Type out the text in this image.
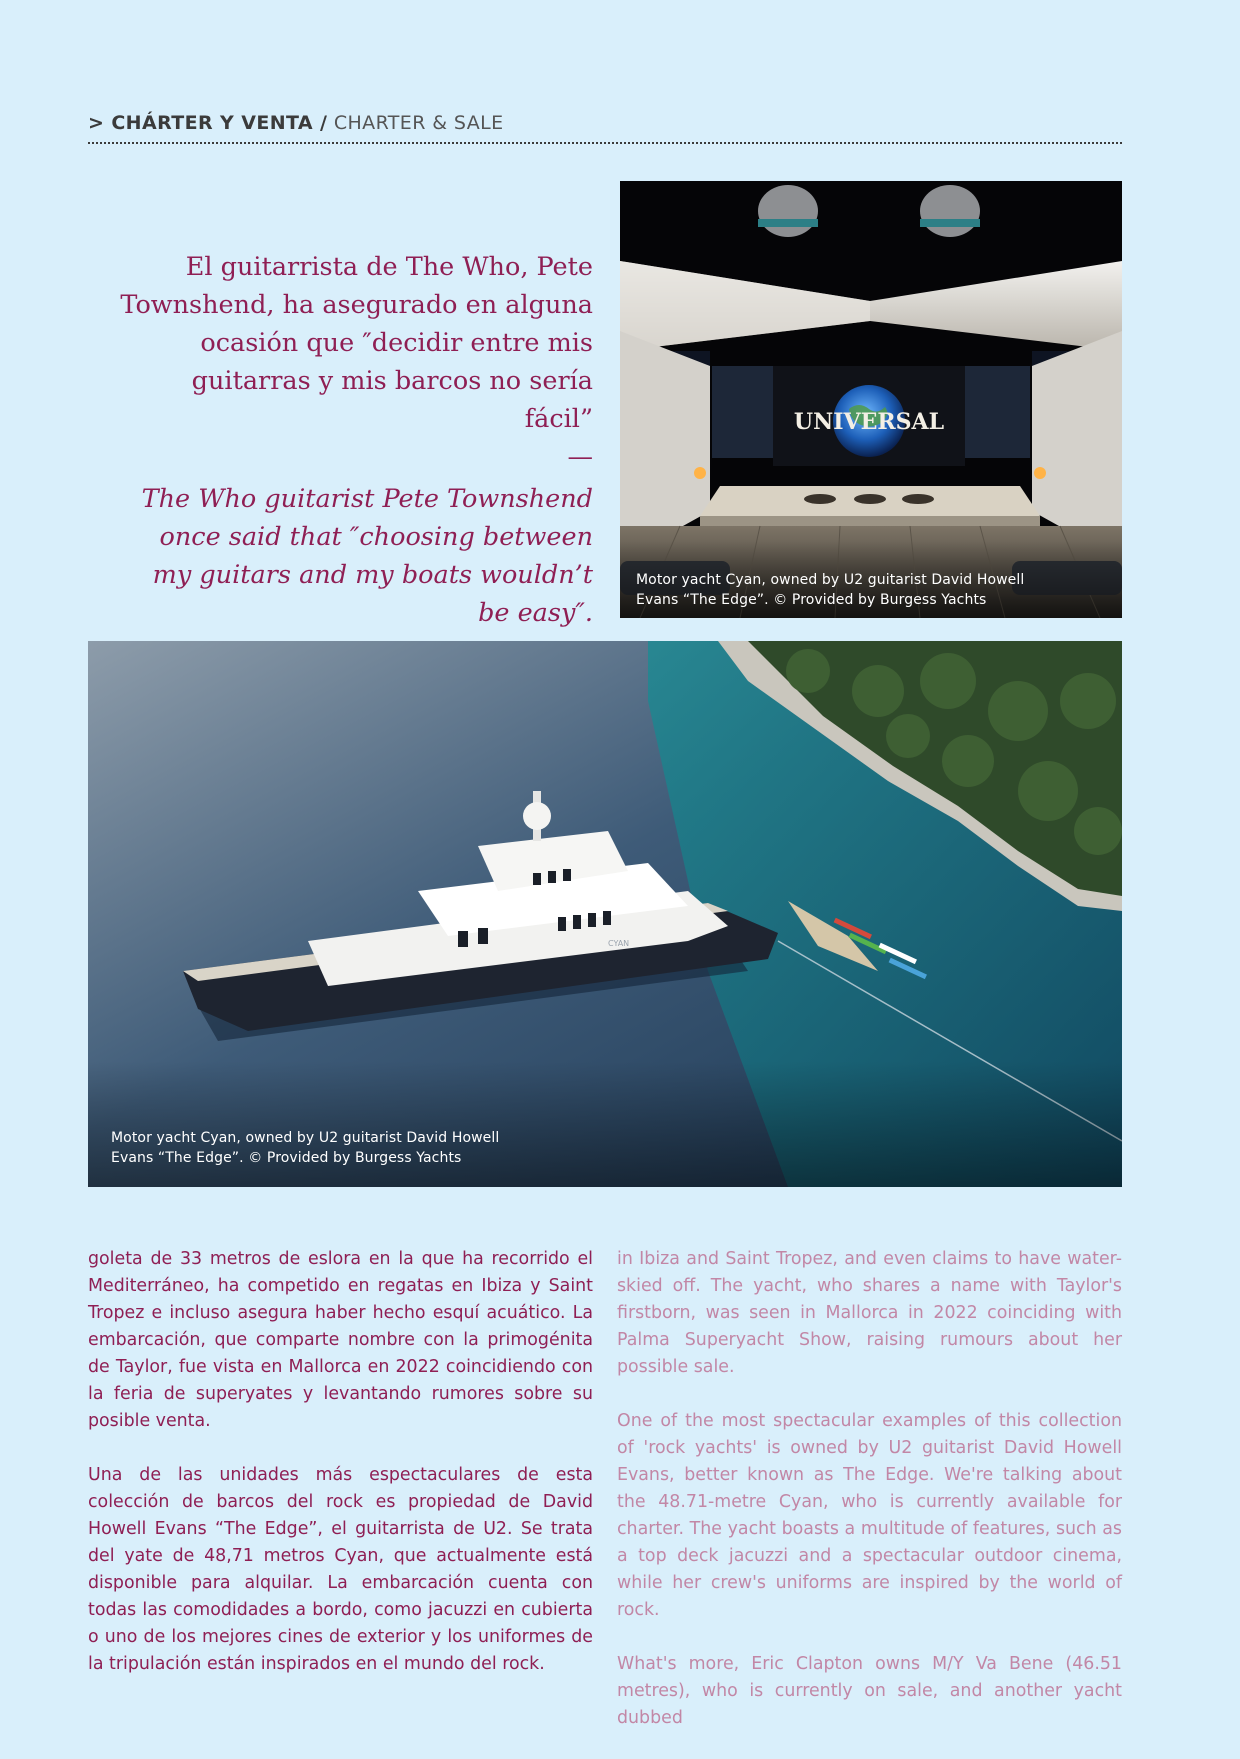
> CHÁRTER Y VENTA / CHARTER & SALE

El guitarrista de The Who, Pete Townshend, ha asegurado en alguna ocasión que ″decidir entre mis guitarras y mis barcos no sería fácil”

—

The Who guitarist Pete Townshend once said that ″choosing between my guitars and my boats wouldn’t be easy″.

UNIVERSAL
Motor yacht Cyan, owned by U2 guitarist David Howell Evans “The Edge”. © Provided by Burgess Yachts
CYAN
Motor yacht Cyan, owned by U2 guitarist David Howell Evans “The Edge”. © Provided by Burgess Yachts

goleta de 33 metros de eslora en la que ha recorrido el Mediterráneo, ha competido en regatas en Ibiza y Saint Tropez e incluso asegura haber hecho esquí acuático. La embarcación, que comparte nombre con la primogénita de Taylor, fue vista en Mallorca en 2022 coincidiendo con la feria de superyates y levantando rumores sobre su posible venta.

Una de las unidades más espectaculares de esta colección de barcos del rock es propiedad de David Howell Evans “The Edge”, el guitarrista de U2. Se trata del yate de 48,71 metros Cyan, que actualmente está disponible para alquilar. La embarcación cuenta con todas las comodidades a bordo, como jacuzzi en cubierta o uno de los mejores cines de exterior y los uniformes de la tripulación están inspirados en el mundo del rock.

in Ibiza and Saint Tropez, and even claims to have water-skied off. The yacht, who shares a name with Taylor's firstborn, was seen in Mallorca in 2022 coinciding with Palma Superyacht Show, raising rumours about her possible sale.

One of the most spectacular examples of this collection of 'rock yachts' is owned by U2 guitarist David Howell Evans, better known as The Edge. We're talking about the 48.71-metre Cyan, who is currently available for charter. The yacht boasts a multitude of features, such as a top deck jacuzzi and a spectacular outdoor cinema, while her crew's uniforms are inspired by the world of rock.

What's more, Eric Clapton owns M/Y Va Bene (46.51 metres), who is currently on sale, and another yacht dubbed
